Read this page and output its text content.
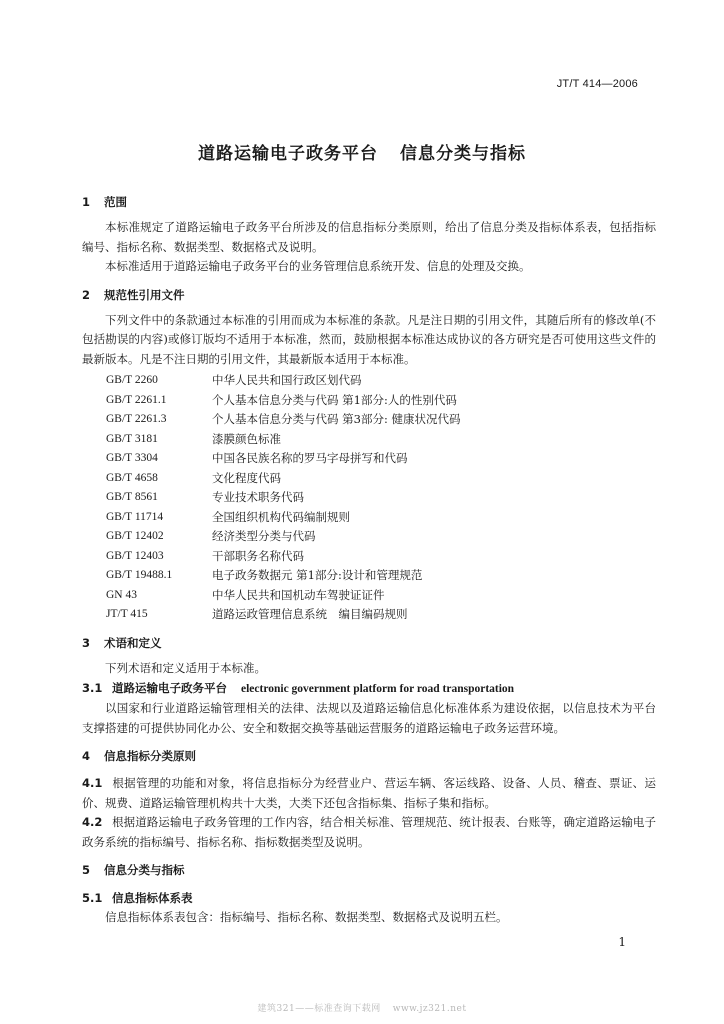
JT/T 414—2006
道路运输电子政务平台 信息分类与指标
1 范围

本标准规定了道路运输电子政务平台所涉及的信息指标分类原则，给出了信息分类及指标体系表，包括指标编号、指标名称、数据类型、数据格式及说明。

本标准适用于道路运输电子政务平台的业务管理信息系统开发、信息的处理及交换。

2 规范性引用文件

下列文件中的条款通过本标准的引用而成为本标准的条款。凡是注日期的引用文件，其随后所有的修改单(不包括勘误的内容)或修订版均不适用于本标准，然而，鼓励根据本标准达成协议的各方研究是否可使用这些文件的最新版本。凡是不注日期的引用文件，其最新版本适用于本标准。

GB/T 2260	中华人民共和国行政区划代码
GB/T 2261.1	个人基本信息分类与代码 第1部分:人的性别代码
GB/T 2261.3	个人基本信息分类与代码 第3部分: 健康状况代码
GB/T 3181	漆膜颜色标准
GB/T 3304	中国各民族名称的罗马字母拼写和代码
GB/T 4658	文化程度代码
GB/T 8561	专业技术职务代码
GB/T 11714	全国组织机构代码编制规则
GB/T 12402	经济类型分类与代码
GB/T 12403	干部职务名称代码
GB/T 19488.1	电子政务数据元 第1部分:设计和管理规范
GN 43	中华人民共和国机动车驾驶证证件
JT/T 415	道路运政管理信息系统　编目编码规则
3 术语和定义

下列术语和定义适用于本标准。

3.1 道路运输电子政务平台 electronic government platform for road transportation

以国家和行业道路运输管理相关的法律、法规以及道路运输信息化标准体系为建设依据，以信息技术为平台支撑搭建的可提供协同化办公、安全和数据交换等基础运营服务的道路运输电子政务运营环境。

4 信息指标分类原则

4.1 根据管理的功能和对象，将信息指标分为经营业户、营运车辆、客运线路、设备、人员、稽查、票证、运价、规费、道路运输管理机构共十大类，大类下还包含指标集、指标子集和指标。

4.2 根据道路运输电子政务管理的工作内容，结合相关标准、管理规范、统计报表、台账等，确定道路运输电子政务系统的指标编号、指标名称、指标数据类型及说明。

5 信息分类与指标
5.1 信息指标体系表

信息指标体系表包含：指标编号、指标名称、数据类型、数据格式及说明五栏。

1
建筑321——标准查询下载网 www.jz321.net
